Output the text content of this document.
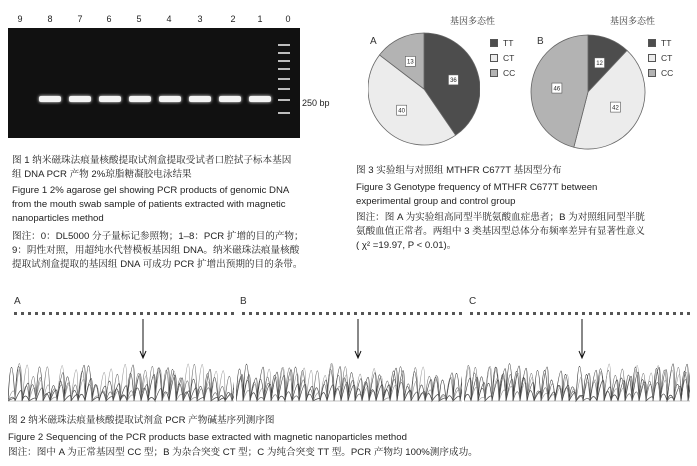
9	8	7	6	5	4	3	2	1	0
250 bp
图 1 纳米磁珠法痕量核酸提取试剂盒提取受试者口腔拭子标本基因
组 DNA PCR 产物 2%琼脂糖凝胶电泳结果
Figure 1 2% agarose gel showing PCR products of genomic DNA
from the mouth swab sample of patients extracted with magnetic
nanoparticles method
图注：0：DL5000 分子量标记参照物；1–8：PCR 扩增的目的产物；
9：阴性对照，用超纯水代替模板基因组 DNA。纳米磁珠法痕量核酸
提取试剂盒提取的基因组 DNA 可成功 PCR 扩增出预期的目的条带。
A
36
40
13
基因多态性
TT
CT
CC
B
12
42
46
基因多态性
TT
CT
CC
图 3 实验组与对照组 MTHFR C677T 基因型分布
Figure 3 Genotype frequency of MTHFR C677T between
experimental group and control group
图注：图 A 为实验组高同型半胱氨酸血症患者；B 为对照组同型半胱
氨酸血值正常者。两组中 3 类基因型总体分布频率差异有显著性意义
( χ² =19.97, P < 0.01)。
A	B	C
图 2 纳米磁珠法痕量核酸提取试剂盒 PCR 产物碱基序列测序图
Figure 2 Sequencing of the PCR products base extracted with magnetic nanoparticles method
图注：图中 A 为正常基因型 CC 型；B 为杂合突变 CT 型；C 为纯合突变 TT 型。PCR 产物均 100%测序成功。
